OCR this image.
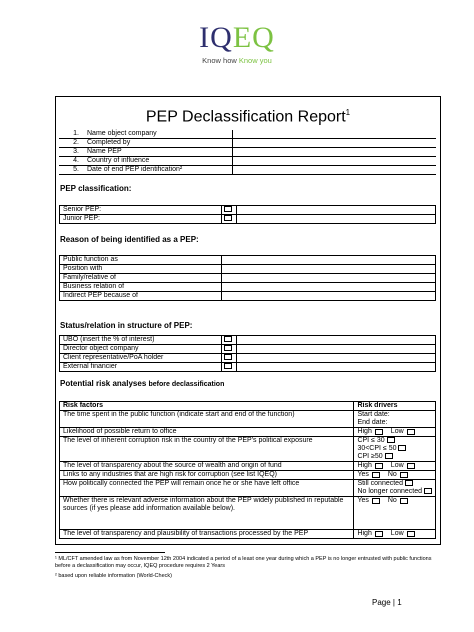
IQEQ
Know how Know you
PEP Declassification Report$^1$
1.	Name object company
2.	Completed by
3.	Name PEP
4.	Country of influence
5.	Date of end PEP identification²
PEP classification:
Senior PEP:		
Junior PEP:		
Reason of being identified as a PEP:
Public function as	
Position with	
Family/relative of	
Business relation of	
Indirect PEP because of	
Status/relation in structure of PEP:
UBO (insert the % of interest)		
Director object company		
Client representative/PoA holder		
External financier		
Potential risk analyses before declassification
Risk factors	Risk drivers
The time spent in the public function (indicate start and end of the function)	Start date:
End date:

Likelihood of possible return to office	High
Low

The level of inherent corruption risk in the country of the PEP's political exposure	CPI ≤ 30
30<CPI ≤ 50
CPI ≥50

The level of transparency about the source of wealth and origin of fund	High
Low

Links to any industries that are high risk for corruption (see list IQEQ)	Yes
No

How politically connected the PEP will remain once he or she have left office	Still connected
No longer connected

Whether there is relevant adverse information about the PEP widely published in reputable sources (if yes please add information available below).	Yes
No

The level of transparency and plausibility of transactions processed by the PEP	High
Low

¹ ML/CFT amended law as from November 12th 2004 indicated a period of a least one year during which a PEP is no longer entrusted with public functions before a declassification may occur, IQEQ procedure requires 2 Years

² based upon reliable information (World-Check)

Page | 1
